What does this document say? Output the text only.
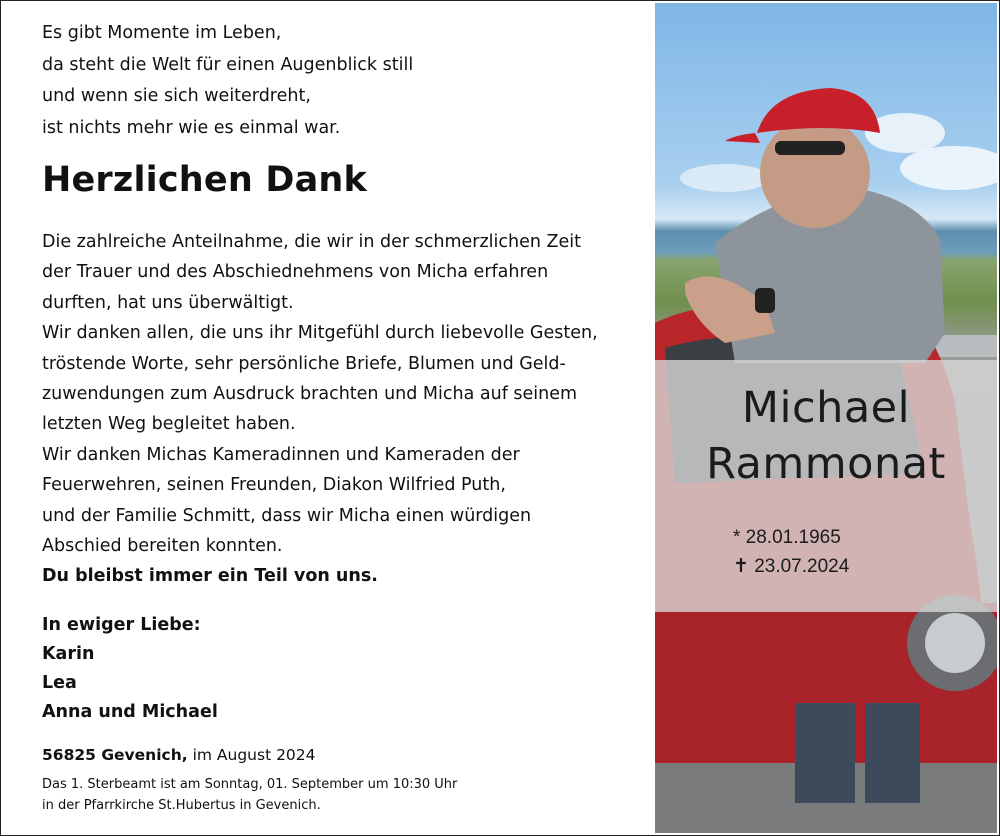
Es gibt Momente im Leben,
da steht die Welt für einen Augenblick still
und wenn sie sich weiterdreht,
ist nichts mehr wie es einmal war.
Herzlichen Dank
Die zahlreiche Anteilnahme, die wir in der schmerzlichen Zeit
der Trauer und des Abschiednehmens von Micha erfahren
durften, hat uns überwältigt.
Wir danken allen, die uns ihr Mitgefühl durch liebevolle Gesten,
tröstende Worte, sehr persönliche Briefe, Blumen und Geld-
zuwendungen zum Ausdruck brachten und Micha auf seinem
letzten Weg begleitet haben.
Wir danken Michas Kameradinnen und Kameraden der
Feuerwehren, seinen Freunden, Diakon Wilfried Puth,
und der Familie Schmitt, dass wir Micha einen würdigen
Abschied bereiten konnten.
Du bleibst immer ein Teil von uns.
In ewiger Liebe:
Karin
Lea
Anna und Michael
56825 Gevenich, im August 2024
Das 1. Sterbeamt ist am Sonntag, 01. September um 10:30 Uhr
in der Pfarrkirche St.Hubertus in Gevenich.
Michael
Rammonat
* 28.01.1965
✝ 23.07.2024
